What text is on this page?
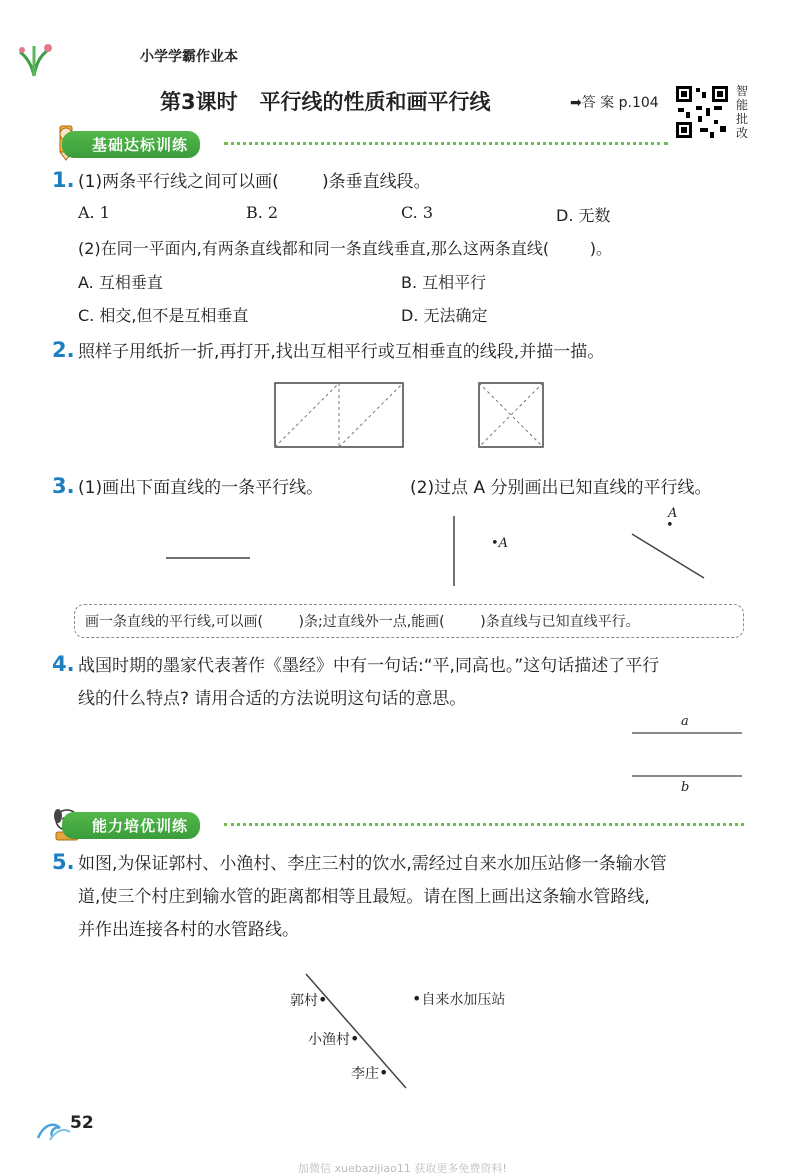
小学学霸作业本
第3课时   平行线的性质和画平行线	➡答 案 p.104
智
能
批
改
基础达标训练
1. (1)两条平行线之间可以画(        )条垂直线段。
A. 1	B. 2	C. 3	D. 无数
(2)在同一平面内,有两条直线都和同一条直线垂直,那么这两条直线(        )。
A. 互相垂直	B. 互相平行
C. 相交,但不是互相垂直	D. 无法确定
2. 照样子用纸折一折,再打开,找出互相平行或互相垂直的线段,并描一描。
3. (1)画出下面直线的一条平行线。	(2)过点 A 分别画出已知直线的平行线。
•A
A
•
画一条直线的平行线,可以画(        )条;过直线外一点,能画(        )条直线与已知直线平行。
4. 战国时期的墨家代表著作《墨经》中有一句话:“平,同高也。”这句话描述了平行
线的什么特点? 请用合适的方法说明这句话的意思。
a
b
能力培优训练
5. 如图,为保证郭村、小渔村、李庄三村的饮水,需经过自来水加压站修一条输水管
道,使三个村庄到输水管的距离都相等且最短。请在图上画出这条输水管路线,
并作出连接各村的水管路线。
郭村•
小渔村•
李庄•
•自来水加压站
52
加微信 xuebazijiao11 获取更多免费资料!
